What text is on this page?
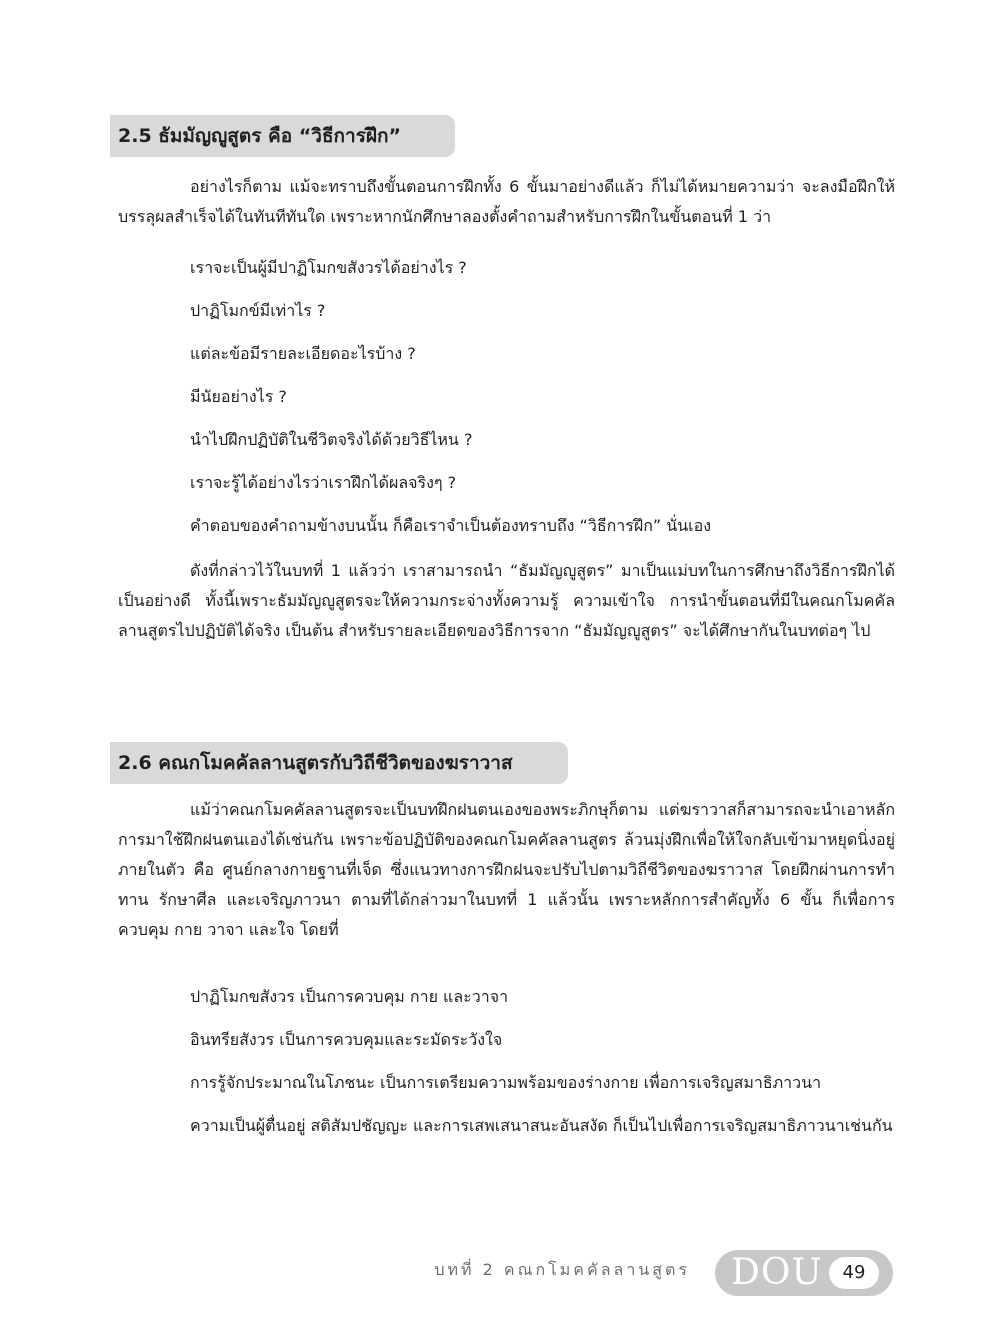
2.5 ธัมมัญญูสูตร คือ “วิธีการฝึก”

อย่างไรก็ตาม แม้จะทราบถึงขั้นตอนการฝึกทั้ง 6 ขั้นมาอย่างดีแล้ว ก็ไม่ได้หมายความว่า จะลงมือฝึกให้บรรลุผลสำเร็จได้ในทันทีทันใด เพราะหากนักศึกษาลองตั้งคำถามสำหรับการฝึกในขั้นตอนที่ 1 ว่า

เราจะเป็นผู้มีปาฏิโมกขสังวรได้อย่างไร ?

ปาฏิโมกข์มีเท่าไร ?

แต่ละข้อมีรายละเอียดอะไรบ้าง ?

มีนัยอย่างไร ?

นำไปฝึกปฏิบัติในชีวิตจริงได้ด้วยวิธีไหน ?

เราจะรู้ได้อย่างไรว่าเราฝึกได้ผลจริงๆ ?

คำตอบของคำถามข้างบนนั้น ก็คือเราจำเป็นต้องทราบถึง “วิธีการฝึก” นั่นเอง

ดังที่กล่าวไว้ในบทที่ 1 แล้วว่า เราสามารถนำ “ธัมมัญญูสูตร” มาเป็นแม่บทในการศึกษาถึงวิธีการฝึกได้เป็นอย่างดี ทั้งนี้เพราะธัมมัญญูสูตรจะให้ความกระจ่างทั้งความรู้ ความเข้าใจ การนำขั้นตอนที่มีในคณกโมคคัลลานสูตรไปปฏิบัติได้จริง เป็นต้น สำหรับรายละเอียดของวิธีการจาก “ธัมมัญญูสูตร” จะได้ศึกษากันในบทต่อๆ ไป

2.6 คณกโมคคัลลานสูตรกับวิถีชีวิตของฆราวาส

แม้ว่าคณกโมคคัลลานสูตรจะเป็นบทฝึกฝนตนเองของพระภิกษุก็ตาม แต่ฆราวาสก็สามารถจะนำเอาหลักการมาใช้ฝึกฝนตนเองได้เช่นกัน เพราะข้อปฏิบัติของคณกโมคคัลลานสูตร ล้วนมุ่งฝึกเพื่อให้ใจกลับเข้ามาหยุดนิ่งอยู่ภายในตัว คือ ศูนย์กลางกายฐานที่เจ็ด ซึ่งแนวทางการฝึกฝนจะปรับไปตามวิถีชีวิตของฆราวาส โดยฝึกผ่านการทำทาน รักษาศีล และเจริญภาวนา ตามที่ได้กล่าวมาในบทที่ 1 แล้วนั้น เพราะหลักการสำคัญทั้ง 6 ขั้น ก็เพื่อการควบคุม กาย วาจา และใจ โดยที่

ปาฏิโมกขสังวร เป็นการควบคุม กาย และวาจา

อินทรียสังวร เป็นการควบคุมและระมัดระวังใจ

การรู้จักประมาณในโภชนะ เป็นการเตรียมความพร้อมของร่างกาย เพื่อการเจริญสมาธิภาวนา

ความเป็นผู้ตื่นอยู่ สติสัมปชัญญะ และการเสพเสนาสนะอันสงัด ก็เป็นไปเพื่อการเจริญสมาธิภาวนาเช่นกัน

บทที่ 2 คณกโมคคัลลานสูตร DOU	49
